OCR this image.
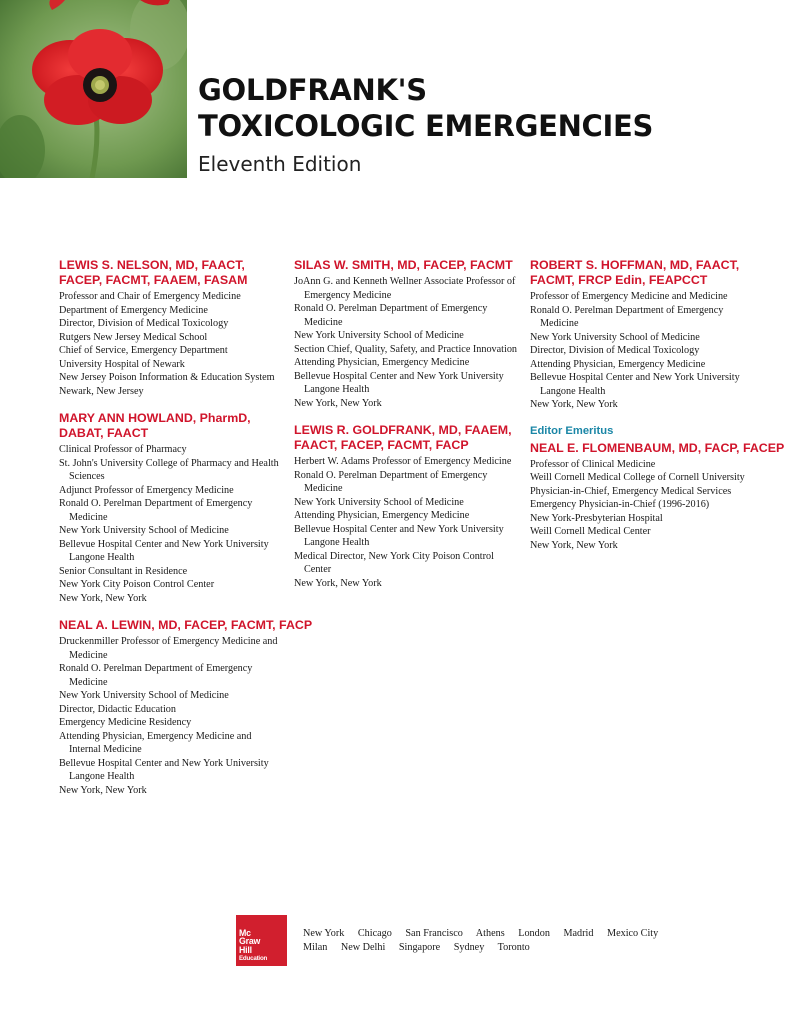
GOLDFRANK'S
TOXICOLOGIC EMERGENCIES
Eleventh Edition
LEWIS S. NELSON, MD, FAACT,
FACEP, FACMT, FAAEM, FASAM
Professor and Chair of Emergency Medicine
Department of Emergency Medicine
Director, Division of Medical Toxicology
Rutgers New Jersey Medical School
Chief of Service, Emergency Department
University Hospital of Newark
New Jersey Poison Information & Education System
Newark, New Jersey
MARY ANN HOWLAND, PharmD,
DABAT, FAACT
Clinical Professor of Pharmacy
St. John's University College of Pharmacy and Health Sciences
Adjunct Professor of Emergency Medicine
Ronald O. Perelman Department of Emergency Medicine
New York University School of Medicine
Bellevue Hospital Center and New York University Langone Health
Senior Consultant in Residence
New York City Poison Control Center
New York, New York
NEAL A. LEWIN, MD, FACEP, FACMT, FACP
Druckenmiller Professor of Emergency Medicine and Medicine
Ronald O. Perelman Department of Emergency Medicine
New York University School of Medicine
Director, Didactic Education
Emergency Medicine Residency
Attending Physician, Emergency Medicine and Internal Medicine
Bellevue Hospital Center and New York University Langone Health
New York, New York
SILAS W. SMITH, MD, FACEP, FACMT
JoAnn G. and Kenneth Wellner Associate Professor of Emergency Medicine
Ronald O. Perelman Department of Emergency Medicine
New York University School of Medicine
Section Chief, Quality, Safety, and Practice Innovation
Attending Physician, Emergency Medicine
Bellevue Hospital Center and New York University Langone Health
New York, New York
LEWIS R. GOLDFRANK, MD, FAAEM,
FAACT, FACEP, FACMT, FACP
Herbert W. Adams Professor of Emergency Medicine
Ronald O. Perelman Department of Emergency Medicine
New York University School of Medicine
Attending Physician, Emergency Medicine
Bellevue Hospital Center and New York University Langone Health
Medical Director, New York City Poison Control Center
New York, New York
ROBERT S. HOFFMAN, MD, FAACT,
FACMT, FRCP Edin, FEAPCCT
Professor of Emergency Medicine and Medicine
Ronald O. Perelman Department of Emergency Medicine
New York University School of Medicine
Director, Division of Medical Toxicology
Attending Physician, Emergency Medicine
Bellevue Hospital Center and New York University Langone Health
New York, New York
Editor Emeritus
NEAL E. FLOMENBAUM, MD, FACP, FACEP
Professor of Clinical Medicine
Weill Cornell Medical College of Cornell University
Physician-in-Chief, Emergency Medical Services
Emergency Physician-in-Chief (1996-2016)
New York-Presbyterian Hospital
Weill Cornell Medical Center
New York, New York
Mc
Graw
Hill
Education
New York Chicago San Francisco Athens London Madrid Mexico City
Milan New Delhi Singapore Sydney Toronto
